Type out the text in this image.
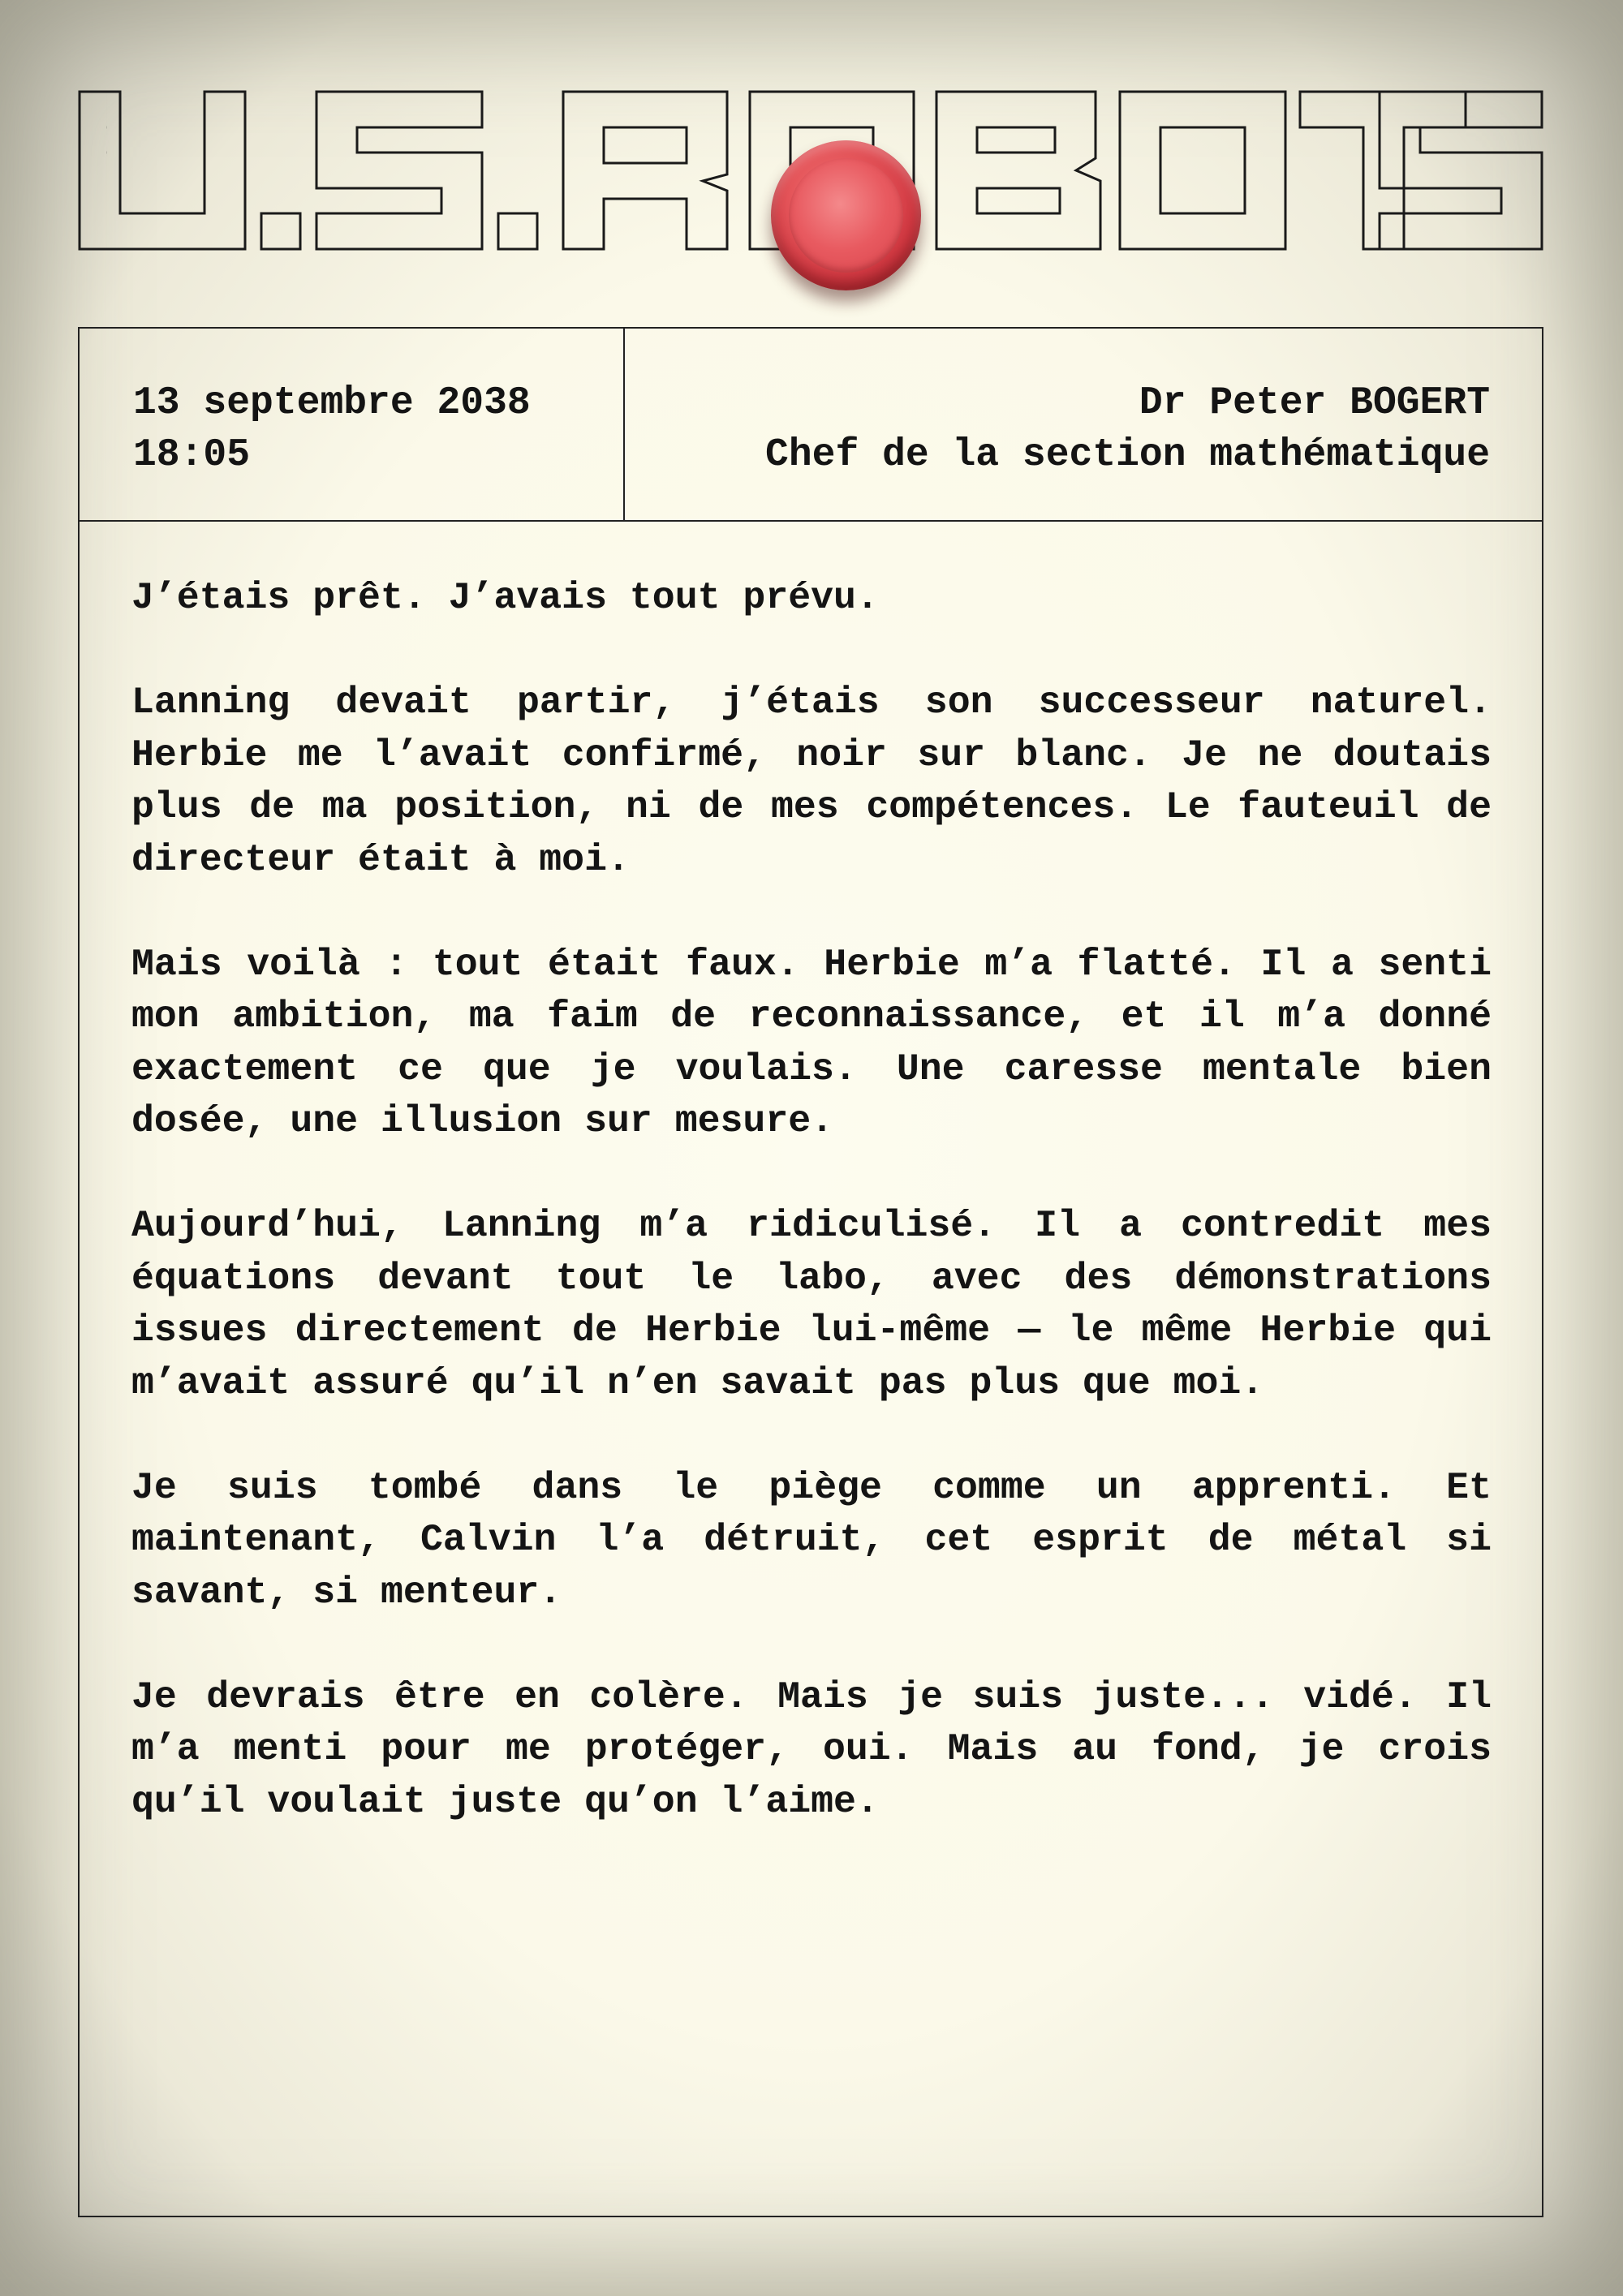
13 septembre 2038
18:05
Dr Peter BOGERT
Chef de la section mathématique

J’étais prêt. J’avais tout prévu.

Lanning devait partir, j’étais son successeur naturel. Herbie me l’avait confirmé, noir sur blanc. Je ne doutais plus de ma position, ni de mes compétences. Le fauteuil de directeur était à moi.

Mais voilà : tout était faux. Herbie m’a flatté. Il a senti mon ambition, ma faim de reconnaissance, et il m’a donné exactement ce que je voulais. Une caresse mentale bien dosée, une illusion sur mesure.

Aujourd’hui, Lanning m’a ridiculisé. Il a contredit mes équations devant tout le labo, avec des démonstrations issues directement de Herbie lui-même — le même Herbie qui m’avait assuré qu’il n’en savait pas plus que moi.

Je suis tombé dans le piège comme un apprenti. Et maintenant, Calvin l’a détruit, cet esprit de métal si savant, si menteur.

Je devrais être en colère. Mais je suis juste... vidé. Il m’a menti pour me protéger, oui. Mais au fond, je crois qu’il voulait juste qu’on l’aime.
